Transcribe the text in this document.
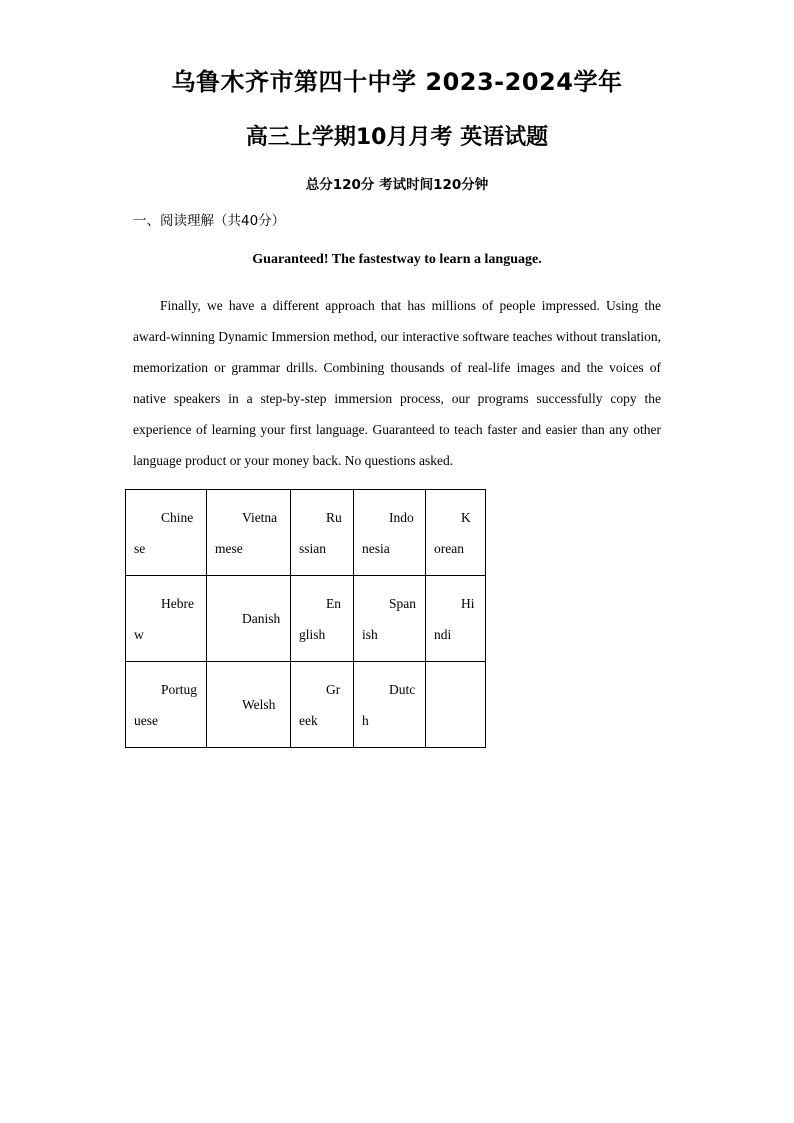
乌鲁木齐市第四十中学 2023-2024学年
高三上学期10月月考 英语试题
总分120分 考试时间120分钟
一、阅读理解（共40分）
Guaranteed! The fastestway to learn a language.

Finally, we have a different approach that has millions of people impressed. Using the award-winning Dynamic Immersion method, our interactive software teaches without translation, memorization or grammar drills. Combining thousands of real-life images and the voices of native speakers in a step-by-step immersion process, our programs successfully copy the experience of learning your first language. Guaranteed to teach faster and easier than any other language product or your money back. No questions asked.

Chinese	Vietnamese	Russian	Indonesia	Korean

Hebrew	Danish	English	Spanish	Hindi

Portuguese	Welsh	Greek	Dutch	
